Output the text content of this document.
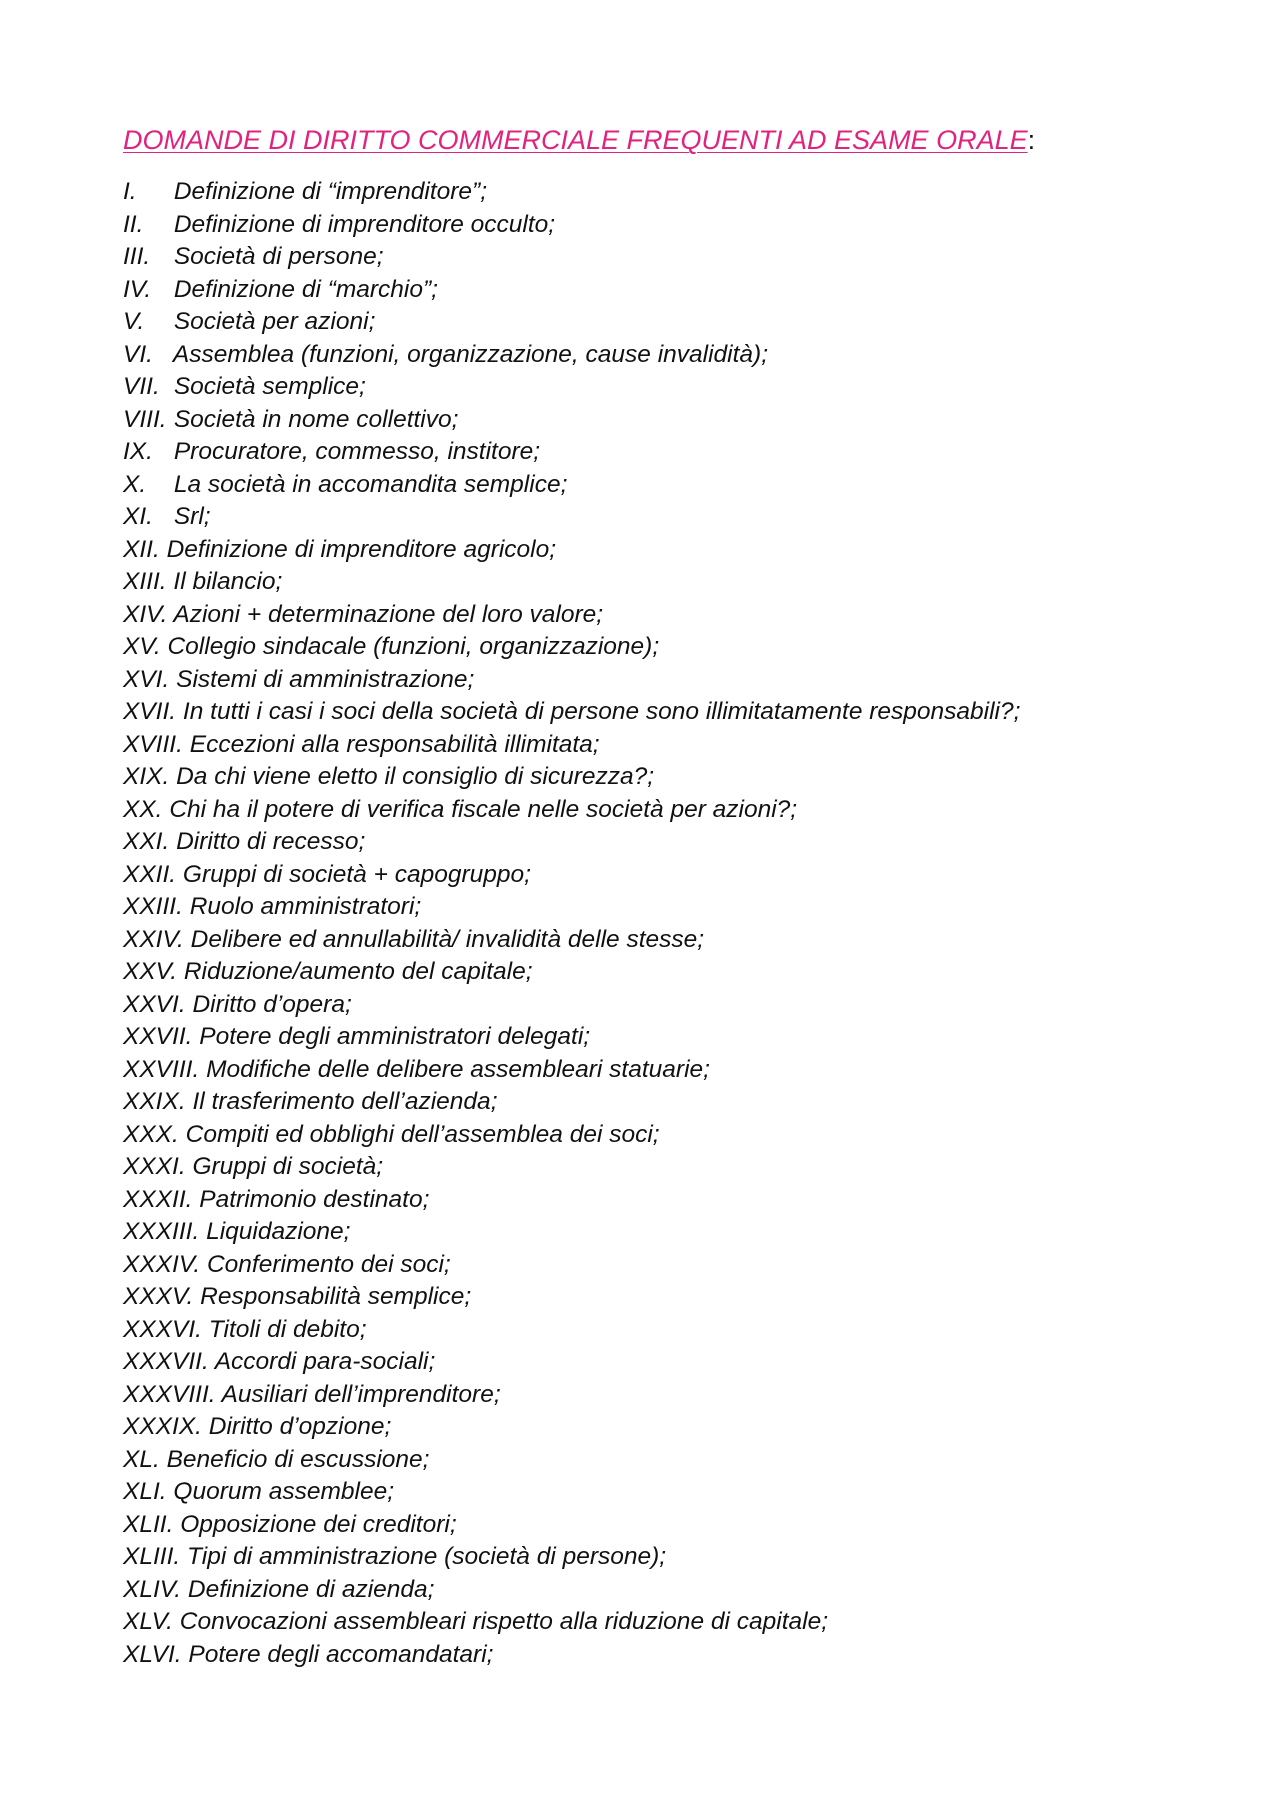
DOMANDE DI DIRITTO COMMERCIALE FREQUENTI AD ESAME ORALE:
I. Definizione di “imprenditore”;
II. Definizione di imprenditore occulto;
III. Società di persone;
IV. Definizione di “marchio”;
V. Società per azioni;
VI. Assemblea (funzioni, organizzazione, cause invalidità);
VII. Società semplice;
VIII. Società in nome collettivo;
IX. Procuratore, commesso, institore;
X. La società in accomandita semplice;
XI. Srl;
XII. Definizione di imprenditore agricolo;
XIII. Il bilancio;
XIV. Azioni + determinazione del loro valore;
XV. Collegio sindacale (funzioni, organizzazione);
XVI. Sistemi di amministrazione;
XVII. In tutti i casi i soci della società di persone sono illimitatamente responsabili?;
XVIII. Eccezioni alla responsabilità illimitata;
XIX. Da chi viene eletto il consiglio di sicurezza?;
XX. Chi ha il potere di verifica fiscale nelle società per azioni?;
XXI. Diritto di recesso;
XXII. Gruppi di società + capogruppo;
XXIII. Ruolo amministratori;
XXIV. Delibere ed annullabilità/ invalidità delle stesse;
XXV. Riduzione/aumento del capitale;
XXVI. Diritto d’opera;
XXVII. Potere degli amministratori delegati;
XXVIII. Modifiche delle delibere assembleari statuarie;
XXIX. Il trasferimento dell’azienda;
XXX. Compiti ed obblighi dell’assemblea dei soci;
XXXI. Gruppi di società;
XXXII. Patrimonio destinato;
XXXIII. Liquidazione;
XXXIV. Conferimento dei soci;
XXXV. Responsabilità semplice;
XXXVI. Titoli di debito;
XXXVII. Accordi para-sociali;
XXXVIII. Ausiliari dell’imprenditore;
XXXIX. Diritto d’opzione;
XL. Beneficio di escussione;
XLI. Quorum assemblee;
XLII. Opposizione dei creditori;
XLIII. Tipi di amministrazione (società di persone);
XLIV. Definizione di azienda;
XLV. Convocazioni assembleari rispetto alla riduzione di capitale;
XLVI. Potere degli accomandatari;
